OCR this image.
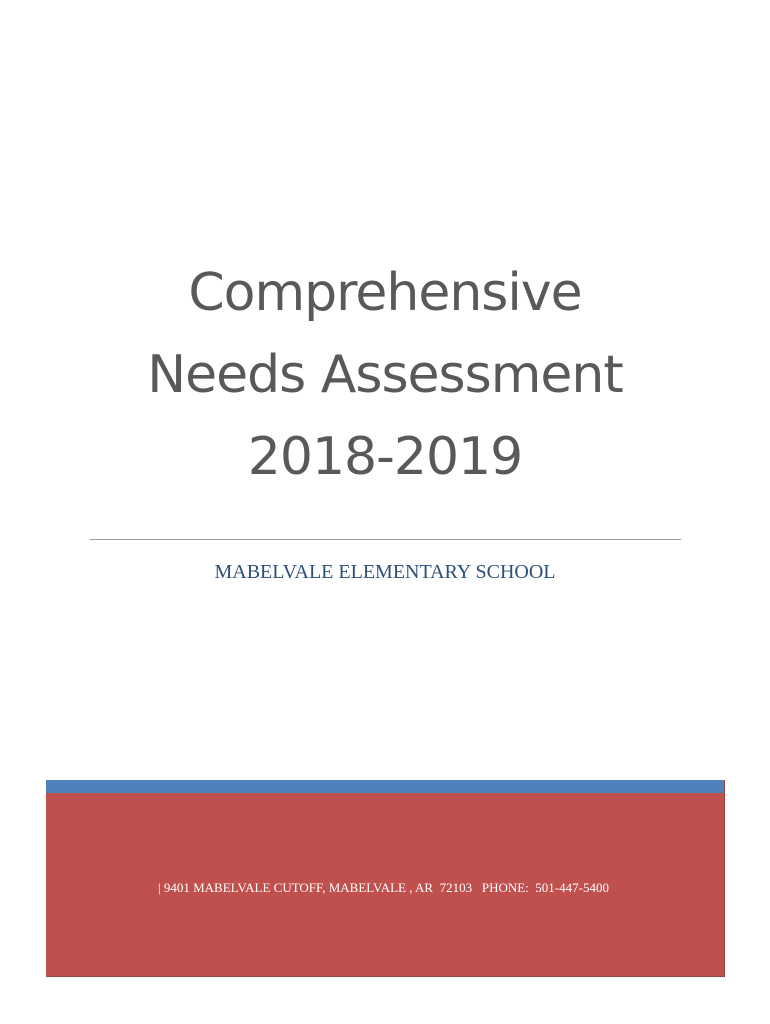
Comprehensive
Needs Assessment
2018-2019
MABELVALE ELEMENTARY SCHOOL
| 9401 MABELVALE CUTOFF, MABELVALE , AR  72103   PHONE:  501-447-5400
